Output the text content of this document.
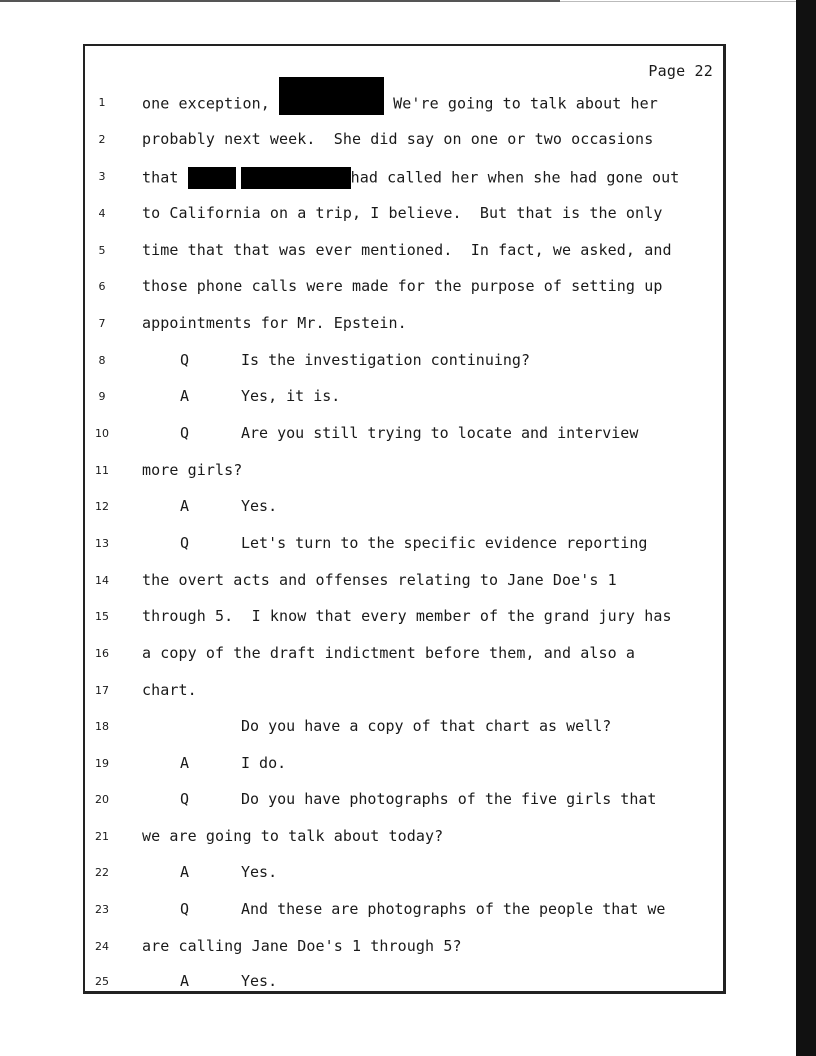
Page 22
1	one exception,	We're going to talk about her
2	probably next week.  She did say on one or two occasions
3	that	had called her when she had gone out
4	to California on a trip, I believe.  But that is the only
5	time that that was ever mentioned.  In fact, we asked, and
6	those phone calls were made for the purpose of setting up
7	appointments for Mr. Epstein.
8	Q	Is the investigation continuing?
9	A	Yes, it is.
10	Q	Are you still trying to locate and interview
11 more girls?
12	A	Yes.
13	Q	Let's turn to the specific evidence reporting
14 the overt acts and offenses relating to Jane Doe's 1
15 through 5.  I know that every member of the grand jury has
16 a copy of the draft indictment before them, and also a
17 chart.
18	Do you have a copy of that chart as well?
19	A	I do.
20	Q	Do you have photographs of the five girls that
21 we are going to talk about today?
22	A	Yes.
23	Q	And these are photographs of the people that we
24 are calling Jane Doe's 1 through 5?
25	A	Yes.
